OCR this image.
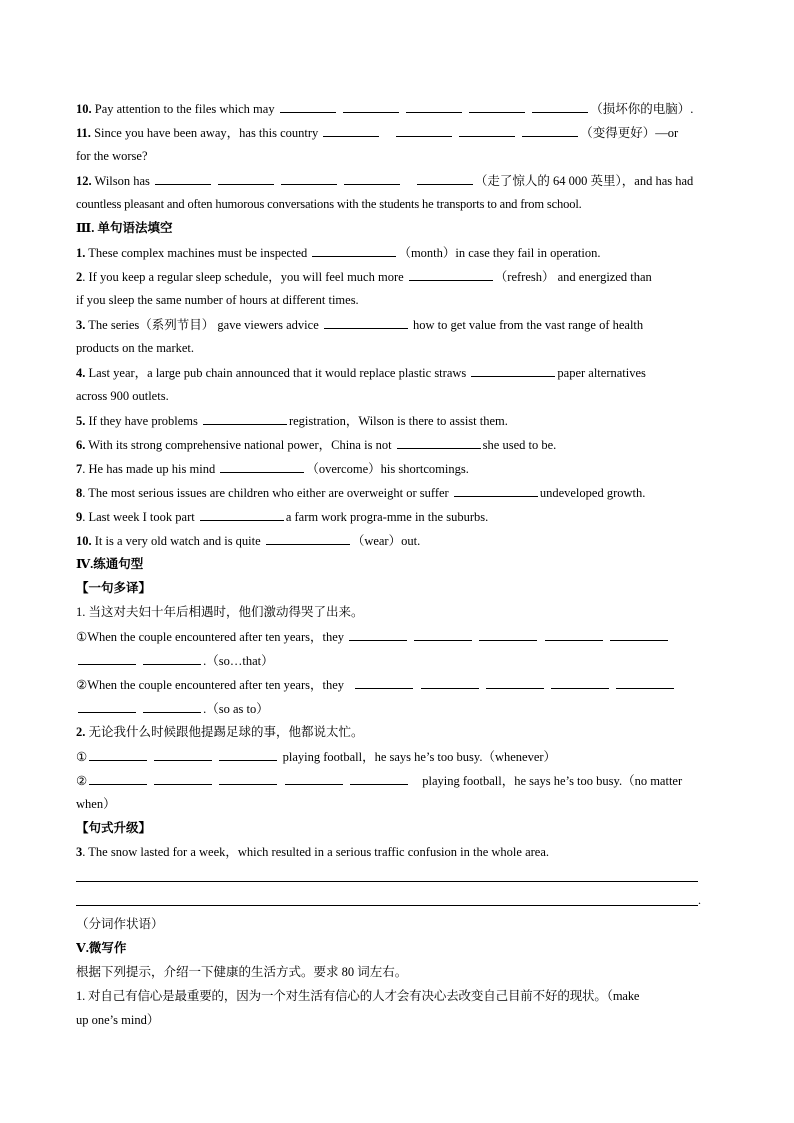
10. Pay attention to the files which may	（损坏你的电脑）.
11. Since you have been away，has this country	（变得更好）—or
for the worse?
12. Wilson has	（走了惊人的 64 000 英里），and has had
countless pleasant and often humorous conversations with the students he transports to and from school.
Ⅲ. 单句语法填空
1. These complex machines must be inspected	（month）in case they fail in operation.
2. If you keep a regular sleep schedule，you will feel much more	（refresh） and energized than
if you sleep the same number of hours at different times.
3. The series（系列节目） gave viewers advice	how to get value from the vast range of health
products on the market.
4. Last year，a large pub chain announced that it would replace plastic straws	paper alternatives
across 900 outlets.
5. If they have problems	registration，Wilson is there to assist them.
6. With its strong comprehensive national power，China is not	she used to be.
7. He has made up his mind	（overcome）his shortcomings.
8. The most serious issues are children who either are overweight or suffer	undeveloped growth.
9. Last week I took part	a farm work progra-mme in the suburbs.
10. It is a very old watch and is quite	（wear）out.
Ⅳ.练通句型
【一句多译】
1. 当这对夫妇十年后相遇时，他们激动得哭了出来。
①When the couple encountered after ten years，they
.（so…that）
②When the couple encountered after ten years，they
.（so as to）
2. 无论我什么时候跟他提踢足球的事，他都说太忙。
①	playing football，he says he’s too busy.（whenever）
②	playing football，he says he’s too busy.（no matter
when）
【句式升级】
3. The snow lasted for a week，which resulted in a serious traffic confusion in the whole area.
.
（分词作状语）
Ⅴ.微写作
根据下列提示，介绍一下健康的生活方式。要求 80 词左右。
1. 对自己有信心是最重要的，因为一个对生活有信心的人才会有决心去改变自己目前不好的现状。（make
up one’s mind）
